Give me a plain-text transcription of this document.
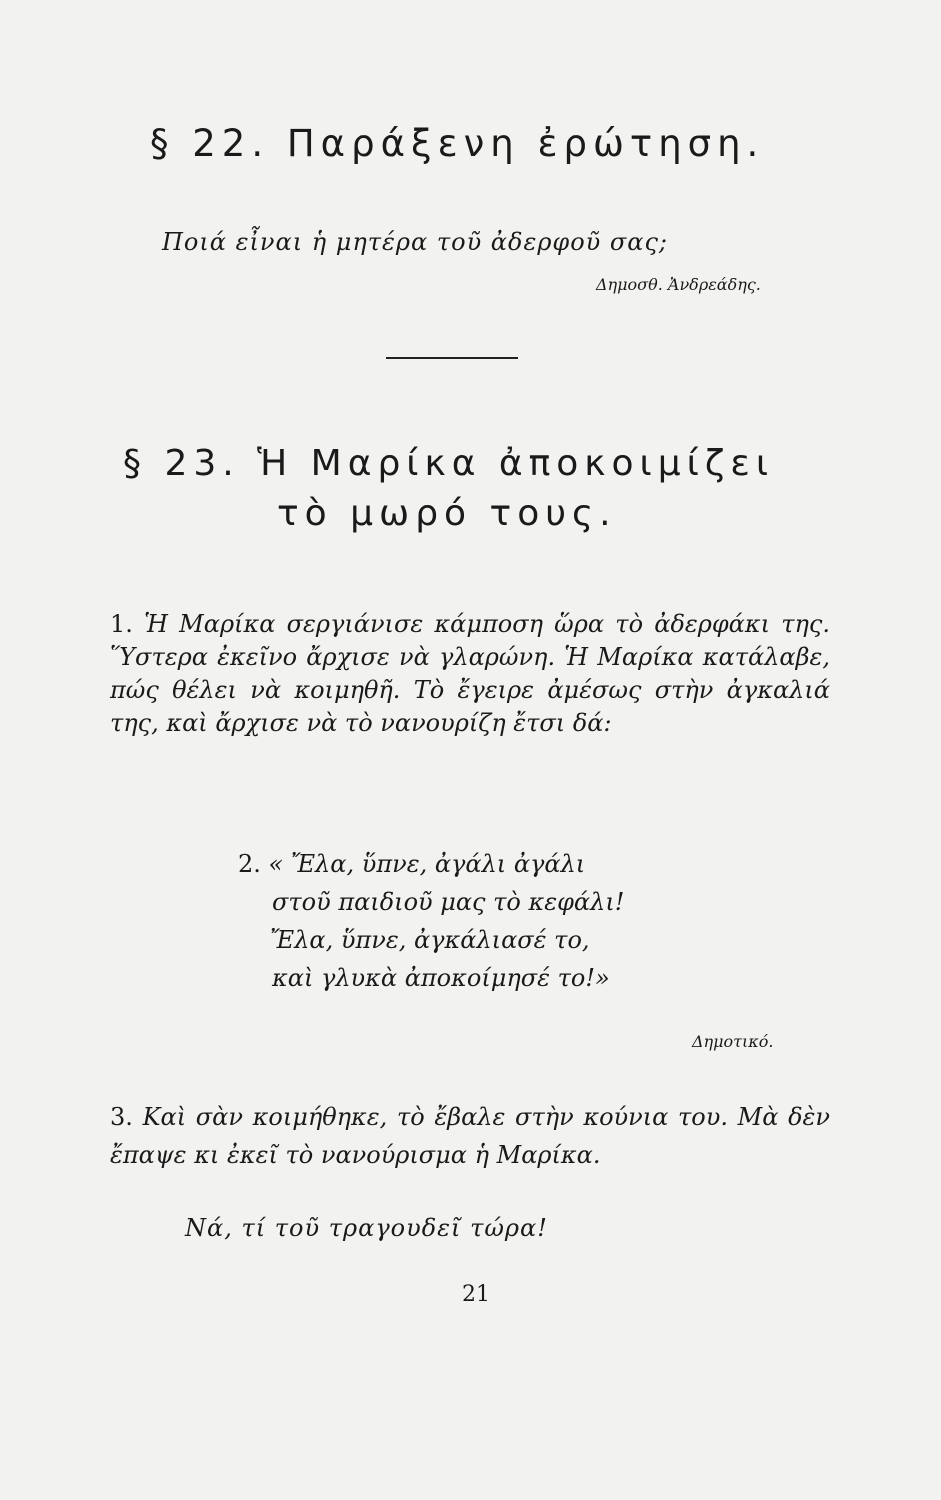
§ 22. Παράξενη ἐρώτηση.
Ποιά εἶναι ἡ μητέρα τοῦ ἀδερφοῦ σας;
Δημοσθ. Ἀνδρεάδης.
§ 23. Ἡ Μαρίκα ἀποκοιμίζει
τὸ μωρό τους.
1. Ἡ Μαρίκα σεργιάνισε κάμποση ὥρα τὸ ἀδερφάκι της. Ὕστερα ἐκεῖνο ἄρχισε νὰ γλαρώνη. Ἡ Μαρίκα κατάλαβε, πώς θέλει νὰ κοιμηθῆ. Τὸ ἔγειρε ἀμέσως στὴν ἀγκαλιά της, καὶ ἄρχισε νὰ τὸ νανουρίζη ἔτσι δά:
2. « Ἔλα, ὕπνε, ἀγάλι ἀγάλι
στοῦ παιδιοῦ μας τὸ κεφάλι!
Ἔλα, ὕπνε, ἀγκάλιασέ το,
καὶ γλυκὰ ἀποκοίμησέ το!»
Δημοτικό.
3. Καὶ σὰν κοιμήθηκε, τὸ ἔβαλε στὴν κούνια του. Μὰ δὲν ἔπαψε κι ἐκεῖ τὸ νανούρισμα ἡ Μαρίκα.
Νά, τί τοῦ τραγουδεῖ τώρα!
21
